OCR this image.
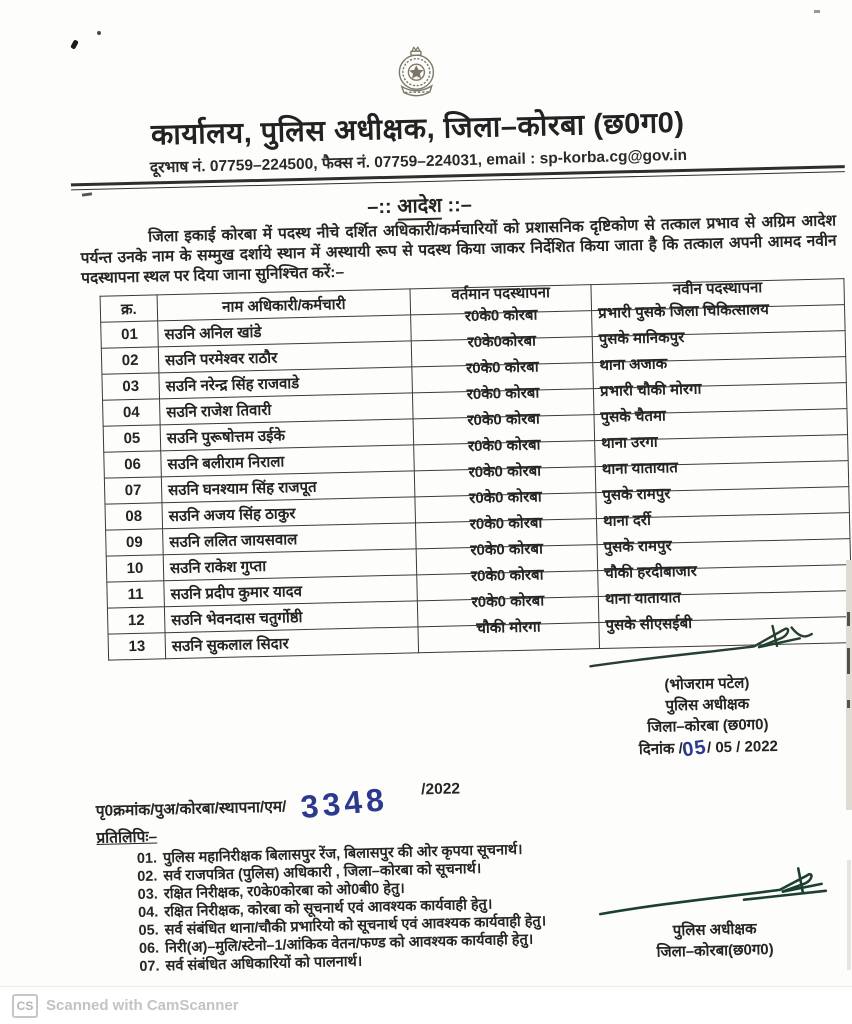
कार्यालय, पुलिस अधीक्षक, जिला–कोरबा (छ0ग0)
दूरभाष नं. 07759–224500, फैक्स नं. 07759–224031, email : sp-korba.cg@gov.in
–:: आदेश ::–

जिला इकाई कोरबा में पदस्थ नीचे दर्शित अधिकारी/कर्मचारियों को प्रशासनिक दृष्टिकोण से तत्काल प्रभाव से अग्रिम आदेश पर्यन्त उनके नाम के सम्मुख दर्शाये स्थान में अस्थायी रूप से पदस्थ किया जाकर निर्देशित किया जाता है कि तत्काल अपनी आमद नवीन पदस्थापना स्थल पर दिया जाना सुनिश्चित करें:–

क्र.	नाम अधिकारी/कर्मचारी	वर्तमान पदस्थापना	नवीन पदस्थापना
01	सउनि अनिल खांडे	र0के0 कोरबा	प्रभारी पुसके जिला चिकित्सालय
02	सउनि परमेश्वर राठौर	र0के0कोरबा	पुसके मानिकपुर
03	सउनि नरेन्द्र सिंह राजवाडे	र0के0 कोरबा	थाना अजाक
04	सउनि राजेश तिवारी	र0के0 कोरबा	प्रभारी चौकी मोरगा
05	सउनि पुरूषोत्तम उईके	र0के0 कोरबा	पुसके चैतमा
06	सउनि बलीराम निराला	र0के0 कोरबा	थाना उरगा
07	सउनि घनश्याम सिंह राजपूत	र0के0 कोरबा	थाना यातायात
08	सउनि अजय सिंह ठाकुर	र0के0 कोरबा	पुसके रामपुर
09	सउनि ललित जायसवाल	र0के0 कोरबा	थाना दर्री
10	सउनि राकेश गुप्ता	र0के0 कोरबा	पुसके रामपुर
11	सउनि प्रदीप कुमार यादव	र0के0 कोरबा	चौकी हरदीबाजार
12	सउनि भेवनदास चतुर्गोष्ठी	र0के0 कोरबा	थाना यातायात
13	सउनि सुकलाल सिदार	चौकी मोरगा	पुसके सीएसईबी
(भोजराम पटेल)
पुलिस अधीक्षक
जिला–कोरबा (छ0ग0)
दिनांक /05/ 05 / 2022
पृ0क्रमांक/पुअ/कोरबा/स्थापना/एम/ 3348 /2022
प्रतिलिपिः–
01. पुलिस महानिरीक्षक बिलासपुर रेंज, बिलासपुर की ओर कृपया सूचनार्थ।
02. सर्व राजपत्रित (पुलिस) अधिकारी , जिला–कोरबा को सूचनार्थ।
03. रक्षित निरीक्षक, र0के0कोरबा को ओ0बी0 हेतु।
04. रक्षित निरीक्षक, कोरबा को सूचनार्थ एवं आवश्यक कार्यवाही हेतु।
05. सर्व संबंधित थाना/चौकी प्रभारियो को सूचनार्थ एवं आवश्यक कार्यवाही हेतु।
06. निरी(अ)–मुलि/स्टेनो–1/आंकिक वेतन/फण्ड को आवश्यक कार्यवाही हेतु।
07. सर्व संबंधित अधिकारियों को पालनार्थ।
पुलिस अधीक्षक
जिला–कोरबा(छ0ग0)
CS Scanned with CamScanner
